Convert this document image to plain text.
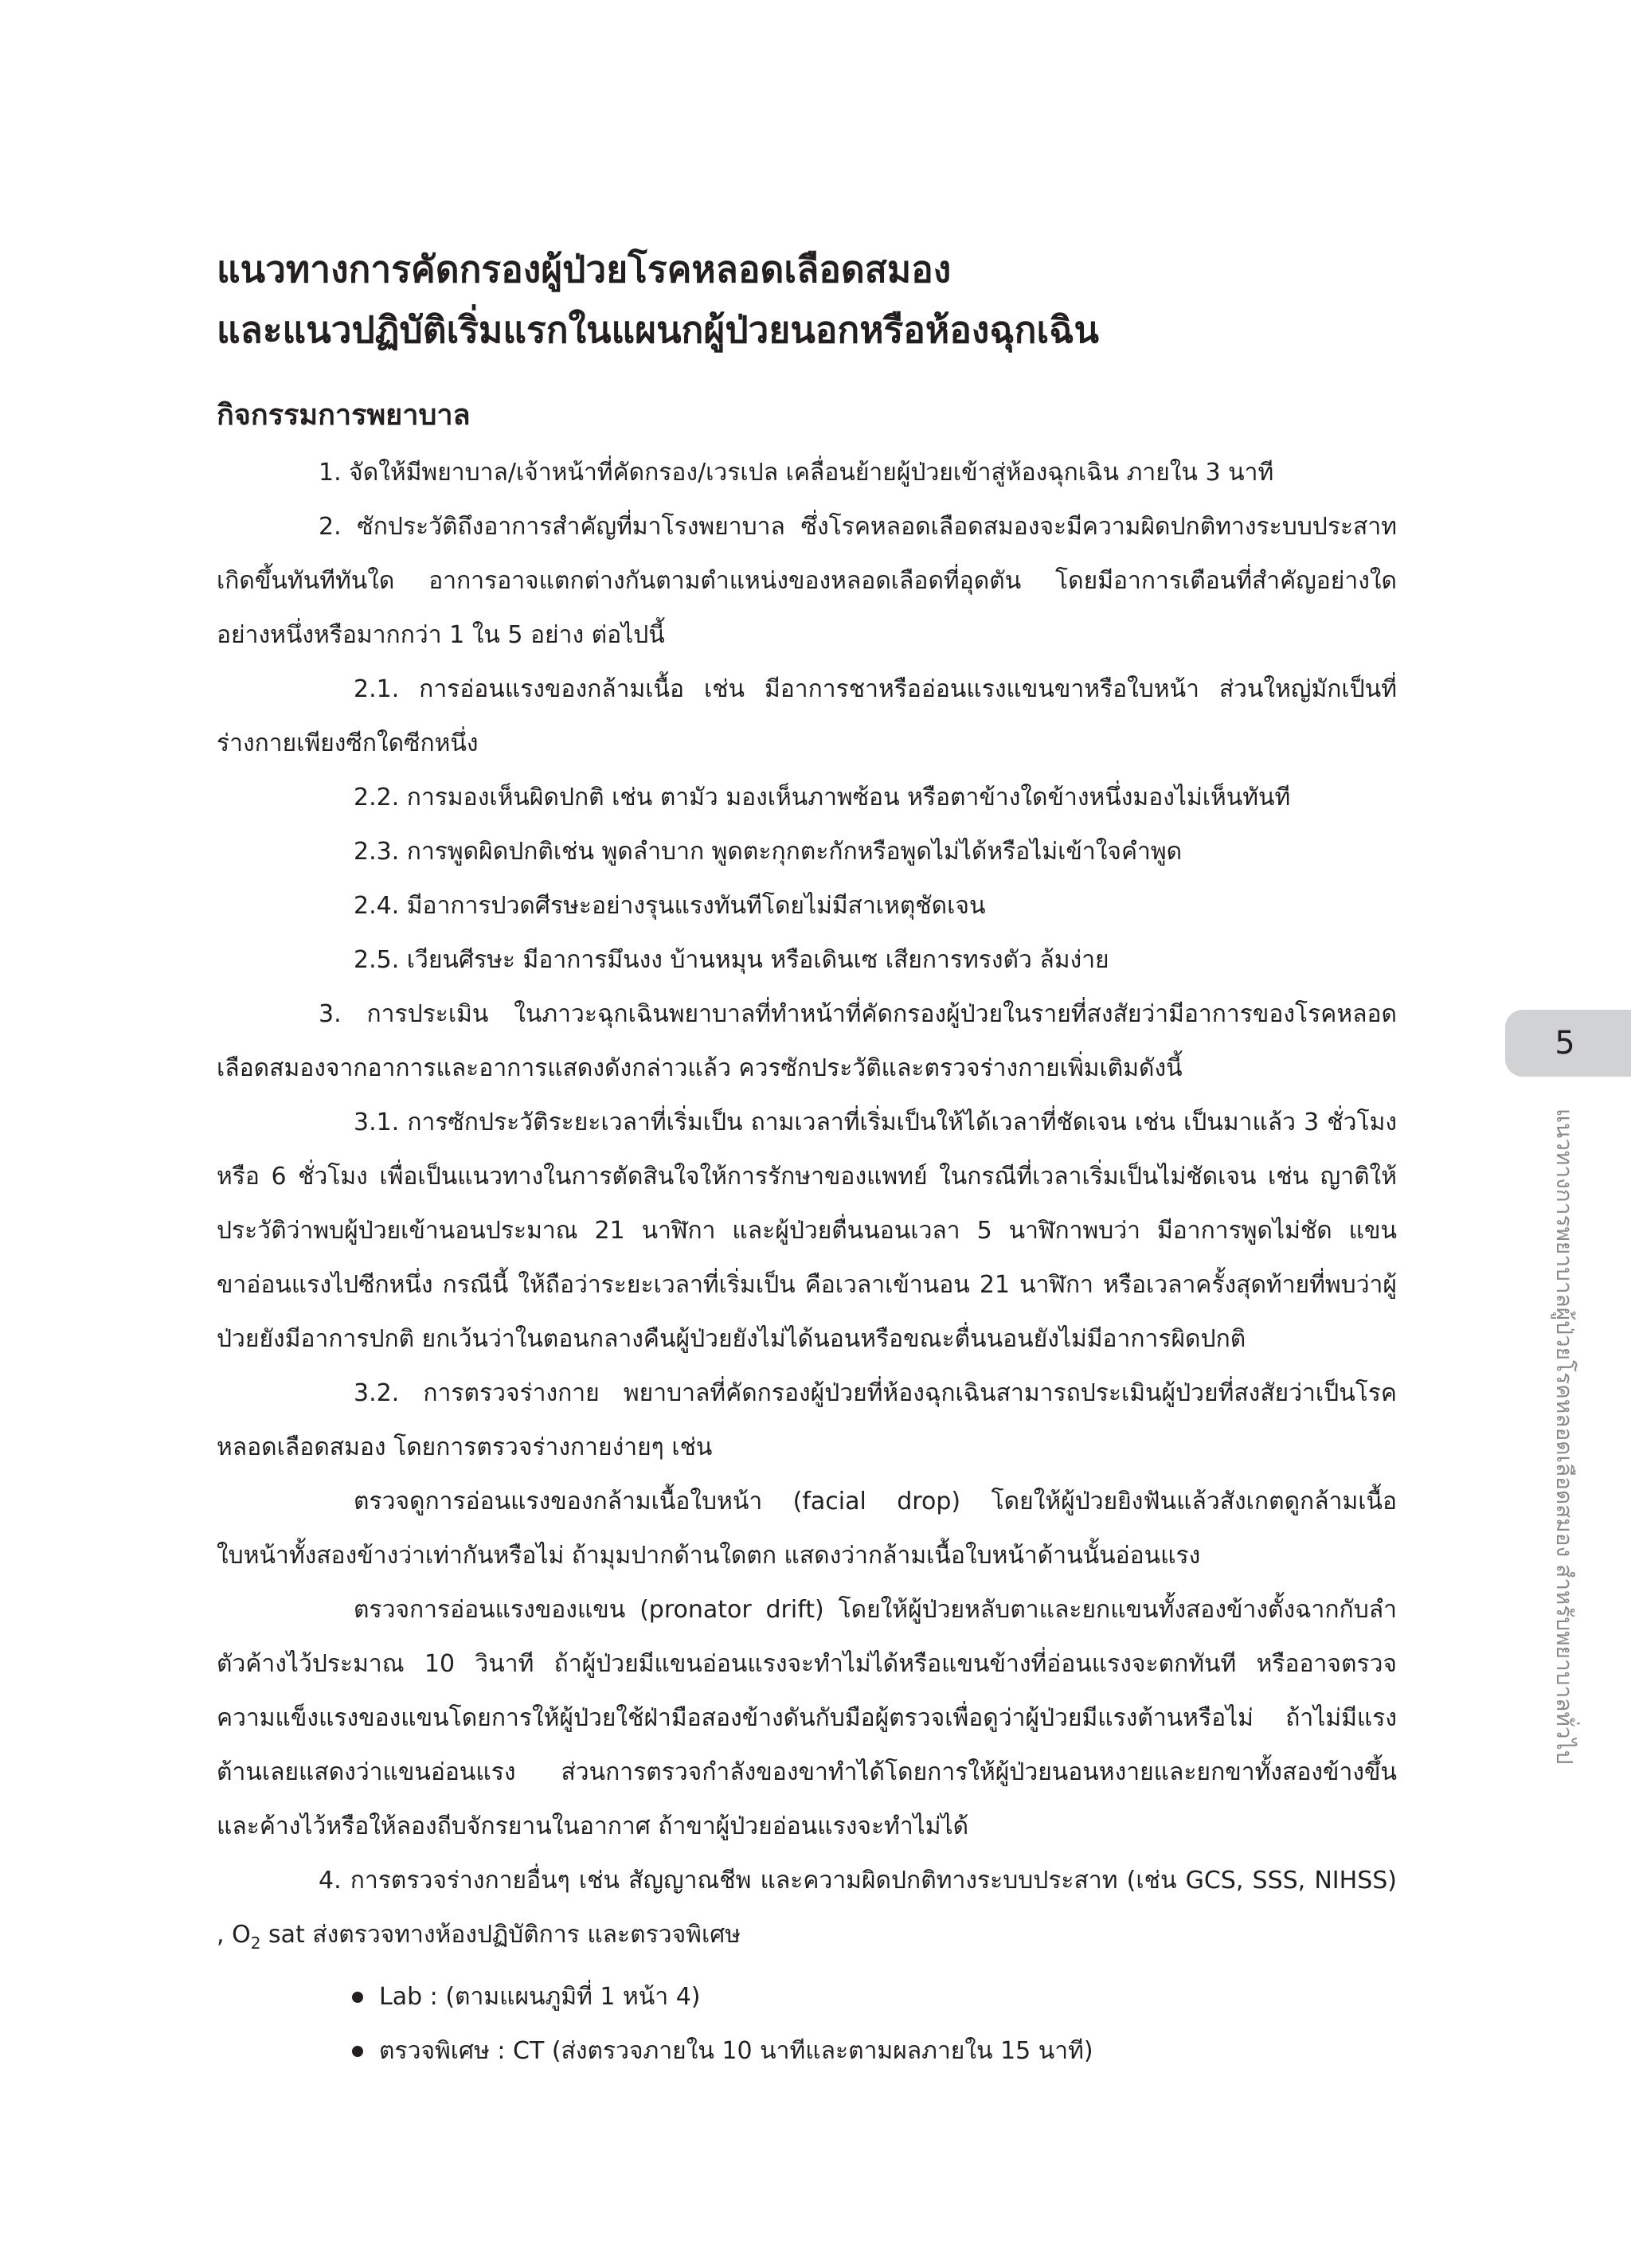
แนวทางการคัดกรองผู้ป่วยโรคหลอดเลือดสมอง
และแนวปฏิบัติเริ่มแรกในแผนกผู้ป่วยนอกหรือห้องฉุกเฉิน
กิจกรรมการพยาบาล

1. จัดให้มีพยาบาล/เจ้าหน้าที่คัดกรอง/เวรเปล เคลื่อนย้ายผู้ป่วยเข้าสู่ห้องฉุกเฉิน ภายใน 3 นาที

2. ซักประวัติถึงอาการสำคัญที่มาโรงพยาบาล ซึ่งโรคหลอดเลือดสมองจะมีความผิดปกติทางระบบประสาทเกิดขึ้นทันทีทันใด อาการอาจแตกต่างกันตามตำแหน่งของหลอดเลือดที่อุดตัน โดยมีอาการเตือนที่สำคัญอย่างใดอย่างหนึ่งหรือมากกว่า 1 ใน 5 อย่าง ต่อไปนี้

2.1. การอ่อนแรงของกล้ามเนื้อ เช่น มีอาการชาหรืออ่อนแรงแขนขาหรือใบหน้า ส่วนใหญ่มักเป็นที่ร่างกายเพียงซีกใดซีกหนึ่ง

2.2. การมองเห็นผิดปกติ เช่น ตามัว มองเห็นภาพซ้อน หรือตาข้างใดข้างหนึ่งมองไม่เห็นทันที

2.3. การพูดผิดปกติเช่น พูดลำบาก พูดตะกุกตะกักหรือพูดไม่ได้หรือไม่เข้าใจคำพูด

2.4. มีอาการปวดศีรษะอย่างรุนแรงทันทีโดยไม่มีสาเหตุชัดเจน

2.5. เวียนศีรษะ มีอาการมึนงง บ้านหมุน หรือเดินเซ เสียการทรงตัว ล้มง่าย

3. การประเมิน ในภาวะฉุกเฉินพยาบาลที่ทำหน้าที่คัดกรองผู้ป่วยในรายที่สงสัยว่ามีอาการของโรคหลอดเลือดสมองจากอาการและอาการแสดงดังกล่าวแล้ว ควรซักประวัติและตรวจร่างกายเพิ่มเติมดังนี้

3.1. การซักประวัติระยะเวลาที่เริ่มเป็น ถามเวลาที่เริ่มเป็นให้ได้เวลาที่ชัดเจน เช่น เป็นมาแล้ว 3 ชั่วโมง หรือ 6 ชั่วโมง เพื่อเป็นแนวทางในการตัดสินใจให้การรักษาของแพทย์ ในกรณีที่เวลาเริ่มเป็นไม่ชัดเจน เช่น ญาติให้ประวัติว่าพบผู้ป่วยเข้านอนประมาณ 21 นาฬิกา และผู้ป่วยตื่นนอนเวลา 5 นาฬิกาพบว่า มีอาการพูดไม่ชัด แขนขาอ่อนแรงไปซีกหนึ่ง กรณีนี้ ให้ถือว่าระยะเวลาที่เริ่มเป็น คือเวลาเข้านอน 21 นาฬิกา หรือเวลาครั้งสุดท้ายที่พบว่าผู้ป่วยยังมีอาการปกติ ยกเว้นว่าในตอนกลางคืนผู้ป่วยยังไม่ได้นอนหรือขณะตื่นนอนยังไม่มีอาการผิดปกติ

3.2. การตรวจร่างกาย พยาบาลที่คัดกรองผู้ป่วยที่ห้องฉุกเฉินสามารถประเมินผู้ป่วยที่สงสัยว่าเป็นโรคหลอดเลือดสมอง โดยการตรวจร่างกายง่ายๆ เช่น

ตรวจดูการอ่อนแรงของกล้ามเนื้อใบหน้า (facial drop) โดยให้ผู้ป่วยยิงฟันแล้วสังเกตดูกล้ามเนื้อใบหน้าทั้งสองข้างว่าเท่ากันหรือไม่ ถ้ามุมปากด้านใดตก แสดงว่ากล้ามเนื้อใบหน้าด้านนั้นอ่อนแรง

ตรวจการอ่อนแรงของแขน (pronator drift) โดยให้ผู้ป่วยหลับตาและยกแขนทั้งสองข้างตั้งฉากกับลำตัวค้างไว้ประมาณ 10 วินาที ถ้าผู้ป่วยมีแขนอ่อนแรงจะทำไม่ได้หรือแขนข้างที่อ่อนแรงจะตกทันที หรืออาจตรวจความแข็งแรงของแขนโดยการให้ผู้ป่วยใช้ฝ่ามือสองข้างดันกับมือผู้ตรวจเพื่อดูว่าผู้ป่วยมีแรงต้านหรือไม่ ถ้าไม่มีแรงต้านเลยแสดงว่าแขนอ่อนแรง ส่วนการตรวจกำลังของขาทำได้โดยการให้ผู้ป่วยนอนหงายและยกขาทั้งสองข้างขึ้นและค้างไว้หรือให้ลองถีบจักรยานในอากาศ ถ้าขาผู้ป่วยอ่อนแรงจะทำไม่ได้

4. การตรวจร่างกายอื่นๆ เช่น สัญญาณชีพ และความผิดปกติทางระบบประสาท (เช่น GCS, SSS, NIHSS) , $O_2$ sat ส่งตรวจทางห้องปฏิบัติการ และตรวจพิเศษ

Lab : (ตามแผนภูมิที่ 1 หน้า 4)
ตรวจพิเศษ : CT (ส่งตรวจภายใน 10 นาทีและตามผลภายใน 15 นาที)
5
แนวทางการพยาบาลผู้ป่วยโรคหลอดเลือดสมอง สำหรับพยาบาลทั่วไป
